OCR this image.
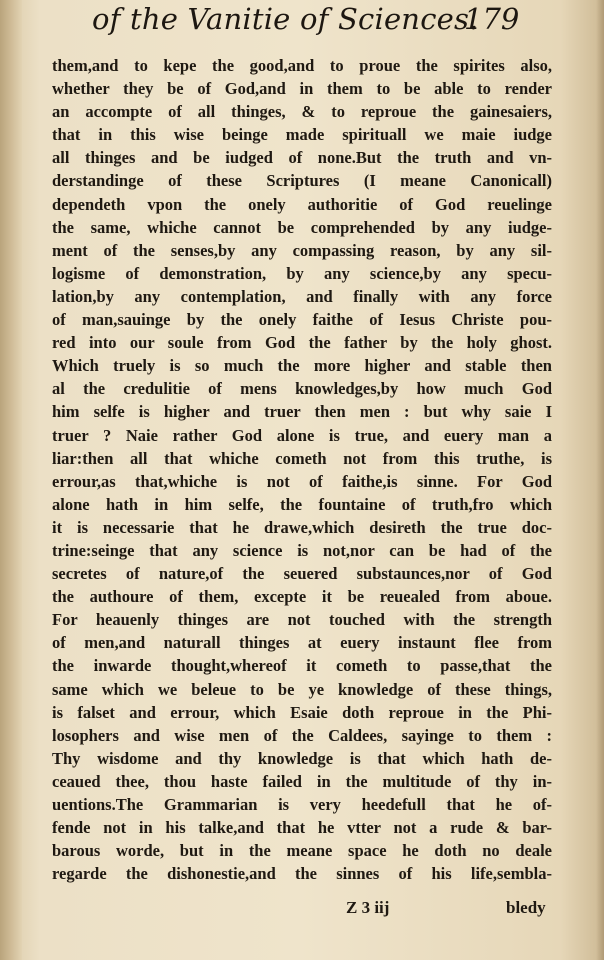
of the Vanitie of Sciences.
179
them,and to kepe the good,and to proue the spirites also,
whether they be of God,and in them to be able to render
an accompte of all thinges, & to reproue the gainesaiers,
that in this wise beinge made spirituall we maie iudge
all thinges and be iudged of none.But the truth and vn-
derstandinge of these Scriptures (I meane Canonicall)
dependeth vpon the onely authoritie of God reuelinge
the same, whiche cannot be comprehended by any iudge-
ment of the senses,by any compassing reason, by any sil-
logisme of demonstration, by any science,by any specu-
lation,by any contemplation, and finally with any force
of man,sauinge by the onely faithe of Iesus Christe pou-
red into our soule from God the father by the holy ghost.
Which truely is so much the more higher and stable then
al the credulitie of mens knowledges,by how much God
him selfe is higher and truer then men : but why saie I
truer ? Naie rather God alone is true, and euery man a
liar:then all that whiche cometh not from this truthe, is
errour,as that,whiche is not of faithe,is sinne. For God
alone hath in him selfe, the fountaine of truth,fro which
it is necessarie that he drawe,which desireth the true doc-
trine:seinge that any science is not,nor can be had of the
secretes of nature,of the seuered substaunces,nor of God
the authoure of them, excepte it be reuealed from aboue.
For heauenly thinges are not touched with the strength
of men,and naturall thinges at euery instaunt flee from
the inwarde thought,whereof it cometh to passe,that the
same which we beleue to be ye knowledge of these things,
is falset and errour, which Esaie doth reproue in the Phi-
losophers and wise men of the Caldees, sayinge to them :
Thy wisdome and thy knowledge is that which hath de-
ceaued thee, thou haste failed in the multitude of thy in-
uentions.The Grammarian is very heedefull that he of-
fende not in his talke,and that he vtter not a rude & bar-
barous worde, but in the meane space he doth no deale
regarde the dishonestie,and the sinnes of his life,sembla-
Z 3 iij	bledy
